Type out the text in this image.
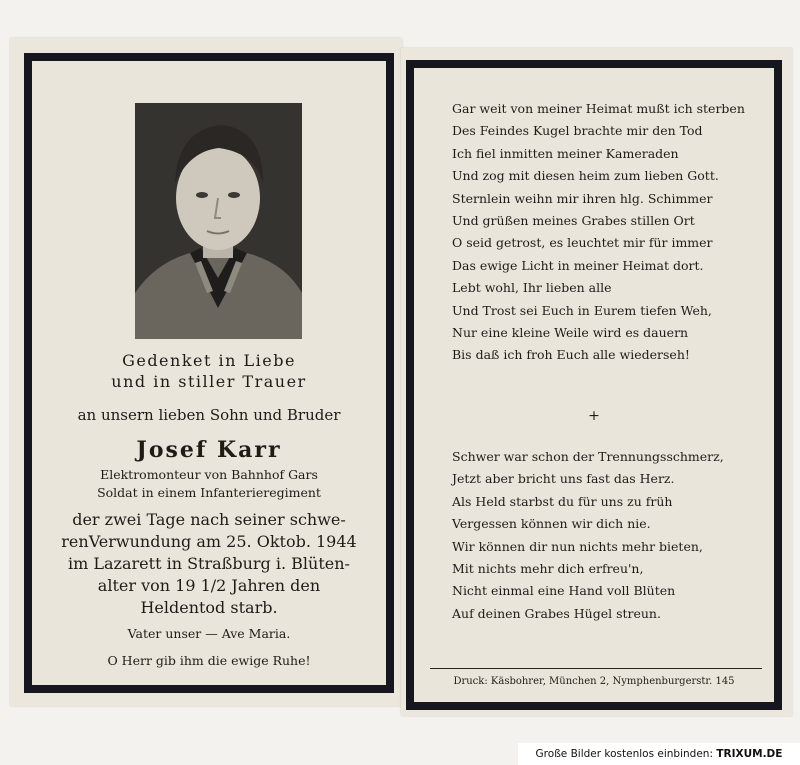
Gedenket in Liebe
und in stiller Trauer
an unsern lieben Sohn und Bruder
Josef Karr
Elektromonteur von Bahnhof Gars
Soldat in einem Infanterieregiment
der zwei Tage nach seiner schwe-
renVerwundung am 25. Oktob. 1944
im Lazarett in Straßburg i. Blüten-
alter von 19 1/2 Jahren den
Heldentod starb.
Vater unser — Ave Maria.
O Herr gib ihm die ewige Ruhe!
Gar weit von meiner Heimat mußt ich sterben
Des Feindes Kugel brachte mir den Tod
Ich fiel inmitten meiner Kameraden
Und zog mit diesen heim zum lieben Gott.
Sternlein weihn mir ihren hlg. Schimmer
Und grüßen meines Grabes stillen Ort
O seid getrost, es leuchtet mir für immer
Das ewige Licht in meiner Heimat dort.
Lebt wohl, Ihr lieben alle
Und Trost sei Euch in Eurem tiefen Weh,
Nur eine kleine Weile wird es dauern
Bis daß ich froh Euch alle wiederseh!
+
Schwer war schon der Trennungsschmerz,
Jetzt aber bricht uns fast das Herz.
Als Held starbst du für uns zu früh
Vergessen können wir dich nie.
Wir können dir nun nichts mehr bieten,
Mit nichts mehr dich erfreu'n,
Nicht einmal eine Hand voll Blüten
Auf deinen Grabes Hügel streun.
Druck: Käsbohrer, München 2, Nymphenburgerstr. 145
Große Bilder kostenlos einbinden: TRIXUM.DE
